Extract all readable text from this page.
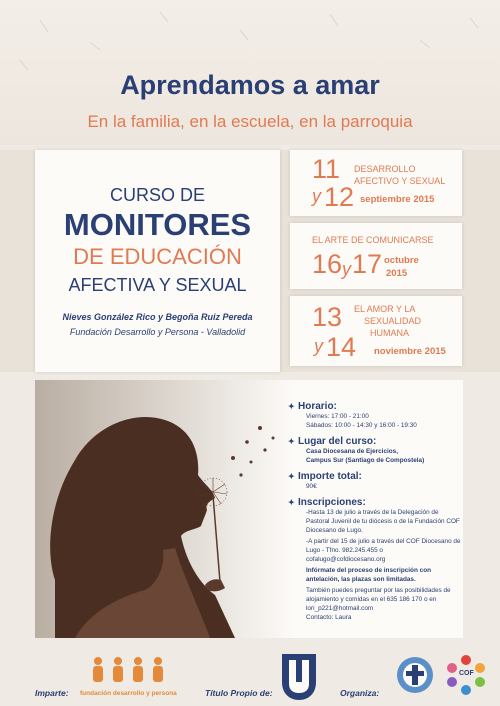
Aprendamos a amar
En la familia, en la escuela, en la parroquia
CURSO DE
MONITORES
DE EDUCACIÓN
AFECTIVA Y SEXUAL
Nieves González Rico y Begoña Ruiz Pereda
Fundación Desarrollo y Persona - Valladolid
11
y 12
DESARROLLO
AFECTIVO Y SEXUAL
septiembre 2015
EL ARTE DE COMUNICARSE
16 y 17 octubre
2015
13
y 14
EL AMOR Y LA
SEXUALIDAD
HUMANA
noviembre 2015
✦ Horario:
Viernes: 17:00 - 21:00
Sábados: 10:00 - 14:30 y 16:00 - 19:30
✦ Lugar del curso:
Casa Diocesana de Ejercicios,
Campus Sur (Santiago de Compostela)
✦ Importe total:
90€
✦ Inscripciones:
-Hasta 13 de julio a través de la Delegación de Pastoral Juvenil de tu diócesis o de la Fundación COF Diocesano de Lugo.
-A partir del 15 de julio a través del COF Diocesano de Lugo - Tfno. 982.245.455 o cofalugo@cofdiocesano.org
Infórmate del proceso de inscripción con antelación, las plazas son limitadas.
También puedes preguntar por las posibilidades de alojamiento y comidas en el 635 186 170 o en lori_p221@hotmail.com
Contacto: Laura
Imparte: fundación desarrollo y persona	Título Propio de:	Organiza:
COF
